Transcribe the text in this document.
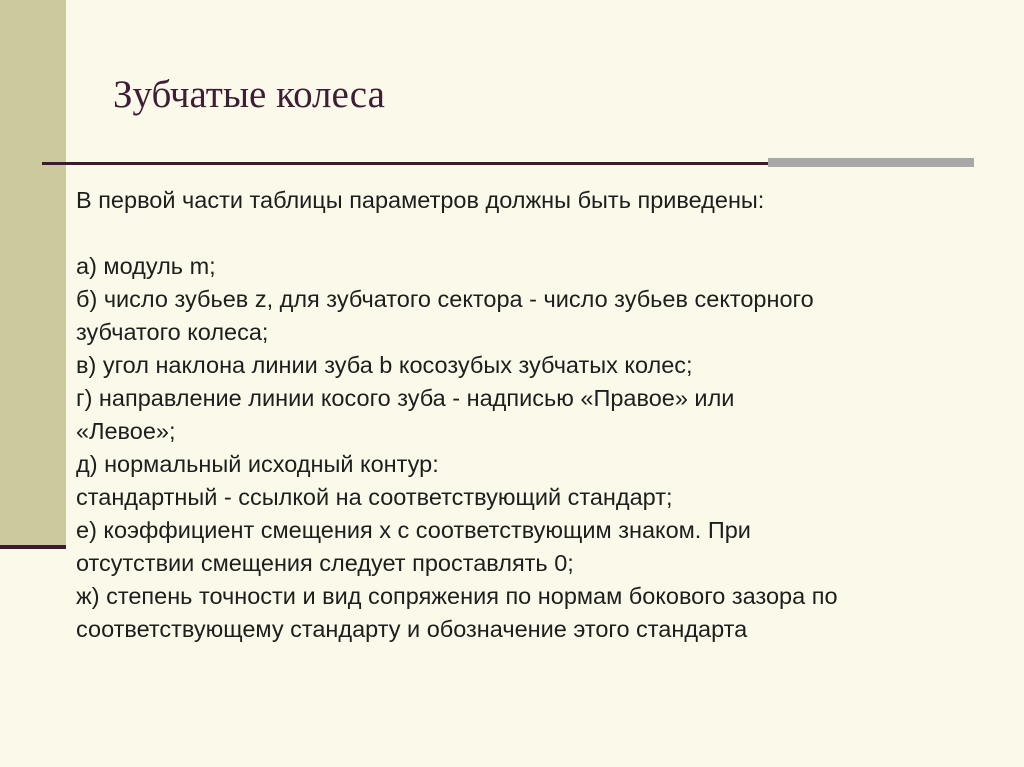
Зубчатые колеса

В первой части таблицы параметров должны быть приведены:

а) модуль m;

б) число зубьев z, для зубчатого сектора - число зубьев секторного

зубчатого колеса;

в) угол наклона линии зуба b косозубых зубчатых колес;

г) направление линии косого зуба - надписью «Правое» или

«Левое»;

д) нормальный исходный контур:

стандартный - ссылкой на соответствующий стандарт;

е) коэффициент смещения x с соответствующим знаком. При

отсутствии смещения следует проставлять 0;

ж) степень точности и вид сопряжения по нормам бокового зазора по

соответствующему стандарту и обозначение этого стандарта
